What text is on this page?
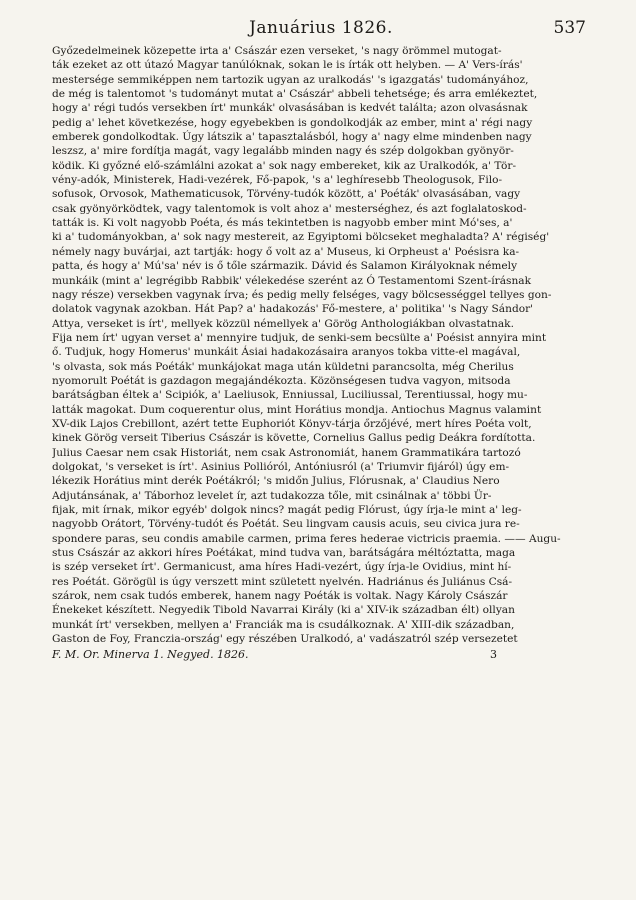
Januárius 1826.	537
Győzedelmeinek közepette irta a' Császár ezen verseket, 's nagy örömmel mutogat-
ták ezeket az ott útazó Magyar tanúlóknak, sokan le is írták ott helyben. — A' Vers-írás'
mestersége semmiképpen nem tartozik ugyan az uralkodás' 's igazgatás' tudományához,
de még is talentomot 's tudományt mutat a' Császár' abbeli tehetsége; és arra emlékeztet,
hogy a' régi tudós versekben írt' munkák' olvasásában is kedvét találta; azon olvasásnak
pedig a' lehet következése, hogy egyebekben is gondolkodják az ember, mint a' régi nagy
emberek gondolkodtak. Úgy látszik a' tapasztalásból, hogy a' nagy elme mindenben nagy
leszsz, a' mire fordítja magát, vagy legalább minden nagy és szép dolgokban gyönyör-
ködik. Ki győzné elő-számlálni azokat a' sok nagy embereket, kik az Uralkodók, a' Tör-
vény-adók, Ministerek, Hadi-vezérek, Fő-papok, 's a' leghíresebb Theologusok, Filo-
sofusok, Orvosok, Mathematicusok, Törvény-tudók között, a' Poéták' olvasásában, vagy
csak gyönyörködtek, vagy talentomok is volt ahoz a' mesterséghez, és azt foglalatoskod-
tatták is. Ki volt nagyobb Poéta, és más tekintetben is nagyobb ember mint Mó'ses, a'
ki a' tudományokban, a' sok nagy mestereit, az Egyiptomi bölcseket meghaladta? A' régiség'
némely nagy buvárjai, azt tartják: hogy ő volt az a' Museus, ki Orpheust a' Poésisra ka-
patta, és hogy a' Mú'sa' név is ő tőle származik. Dávid és Salamon Királyoknak némely
munkáik (mint a' legrégibb Rabbik' vélekedése szerént az Ó Testamentomi Szent-írásnak
nagy része) versekben vagynak írva; és pedig melly felséges, vagy bölcsességgel tellyes gon-
dolatok vagynak azokban. Hát Pap? a' hadakozás' Fő-mestere, a' politika' 's Nagy Sándor'
Attya, verseket is írt', mellyek közzül némellyek a' Görög Anthologiákban olvastatnak.
Fija nem írt' ugyan verset a' mennyire tudjuk, de senki-sem becsülte a' Poésist annyira mint
ő. Tudjuk, hogy Homerus' munkáit Ásiai hadakozásaira aranyos tokba vitte-el magával,
's olvasta, sok más Poéták' munkájokat maga után küldetni parancsolta, még Cherilus
nyomorult Poétát is gazdagon megajándékozta. Közönségesen tudva vagyon, mitsoda
barátságban éltek a' Scipiók, a' Laeliusok, Enniussal, Luciliussal, Terentiussal, hogy mu-
latták magokat. Dum coquerentur olus, mint Horátius mondja. Antiochus Magnus valamint
XV-dik Lajos Crebillont, azért tette Euphoriót Könyv-tárja őrzőjévé, mert híres Poéta volt,
kinek Görög verseit Tiberius Császár is követte, Cornelius Gallus pedig Deákra fordította.
Julius Caesar nem csak Historiát, nem csak Astronomiát, hanem Grammatikára tartozó
dolgokat, 's verseket is írt'. Asinius Pollióról, Antóniusról (a' Triumvir fijáról) úgy em-
lékezik Horátius mint derék Poétákról; 's midőn Julius, Flórusnak, a' Claudius Nero
Adjutánsának, a' Táborhoz levelet ír, azt tudakozza tőle, mit csinálnak a' többi Ür-
fijak, mit írnak, mikor egyéb' dolgok nincs? magát pedig Flórust, úgy írja-le mint a' leg-
nagyobb Orátort, Törvény-tudót és Poétát. Seu lingvam causis acuis, seu civica jura re-
spondere paras, seu condis amabile carmen, prima feres hederae victricis praemia. —— Augu-
stus Császár az akkori híres Poétákat, mind tudva van, barátságára méltóztatta, maga
is szép verseket írt'. Germanicust, ama híres Hadi-vezért, úgy írja-le Ovidius, mint hí-
res Poétát. Görögül is úgy verszett mint született nyelvén. Hadriánus és Juliánus Csá-
szárok, nem csak tudós emberek, hanem nagy Poéták is voltak. Nagy Károly Császár
Énekeket készített. Negyedik Tibold Navarrai Király (ki a' XIV-ik században élt) ollyan
munkát írt' versekben, mellyen a' Franciák ma is csudálkoznak. A' XIII-dik században,
Gaston de Foy, Franczia-ország' egy részében Uralkodó, a' vadászatról szép versezetet
F. M. Or. Minerva 1. Negyed. 1826.	3
